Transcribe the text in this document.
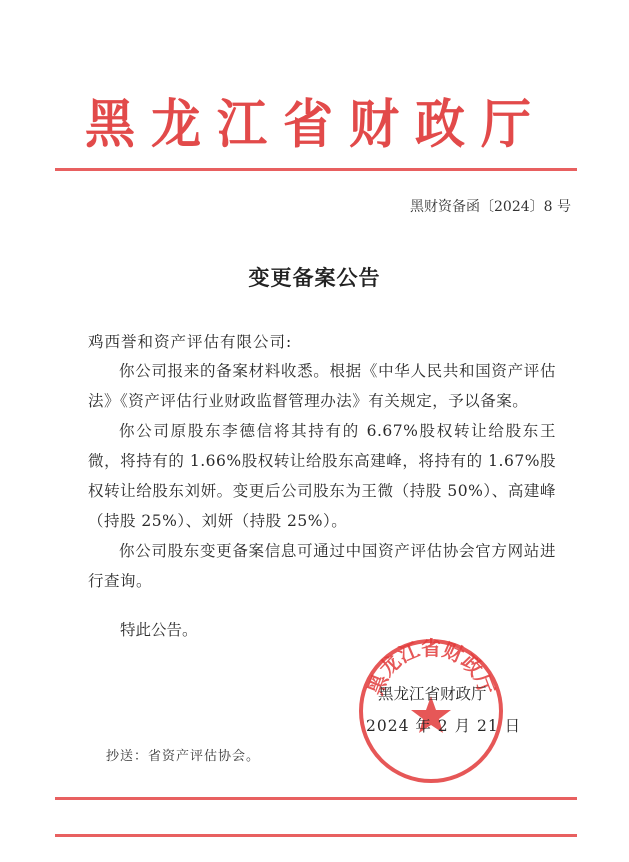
黑龙江省财政厅
黑财资备函〔2024〕8 号
变更备案公告
鸡西誉和资产评估有限公司:

你公司报来的备案材料收悉。根据《中华人民共和国资产评估法》《资产评估行业财政监督管理办法》有关规定，予以备案。

你公司原股东李德信将其持有的 6.67%股权转让给股东王微，将持有的 1.66%股权转让给股东高建峰，将持有的 1.67%股权转让给股东刘妍。变更后公司股东为王微（持股 50%）、高建峰（持股 25%）、刘妍（持股 25%）。

你公司股东变更备案信息可通过中国资产评估协会官方网站进行查询。

特此公告。
黑龙江省财政厅
黑龙江省财政厅
2024 年 2 月 21 日
抄送：省资产评估协会。
